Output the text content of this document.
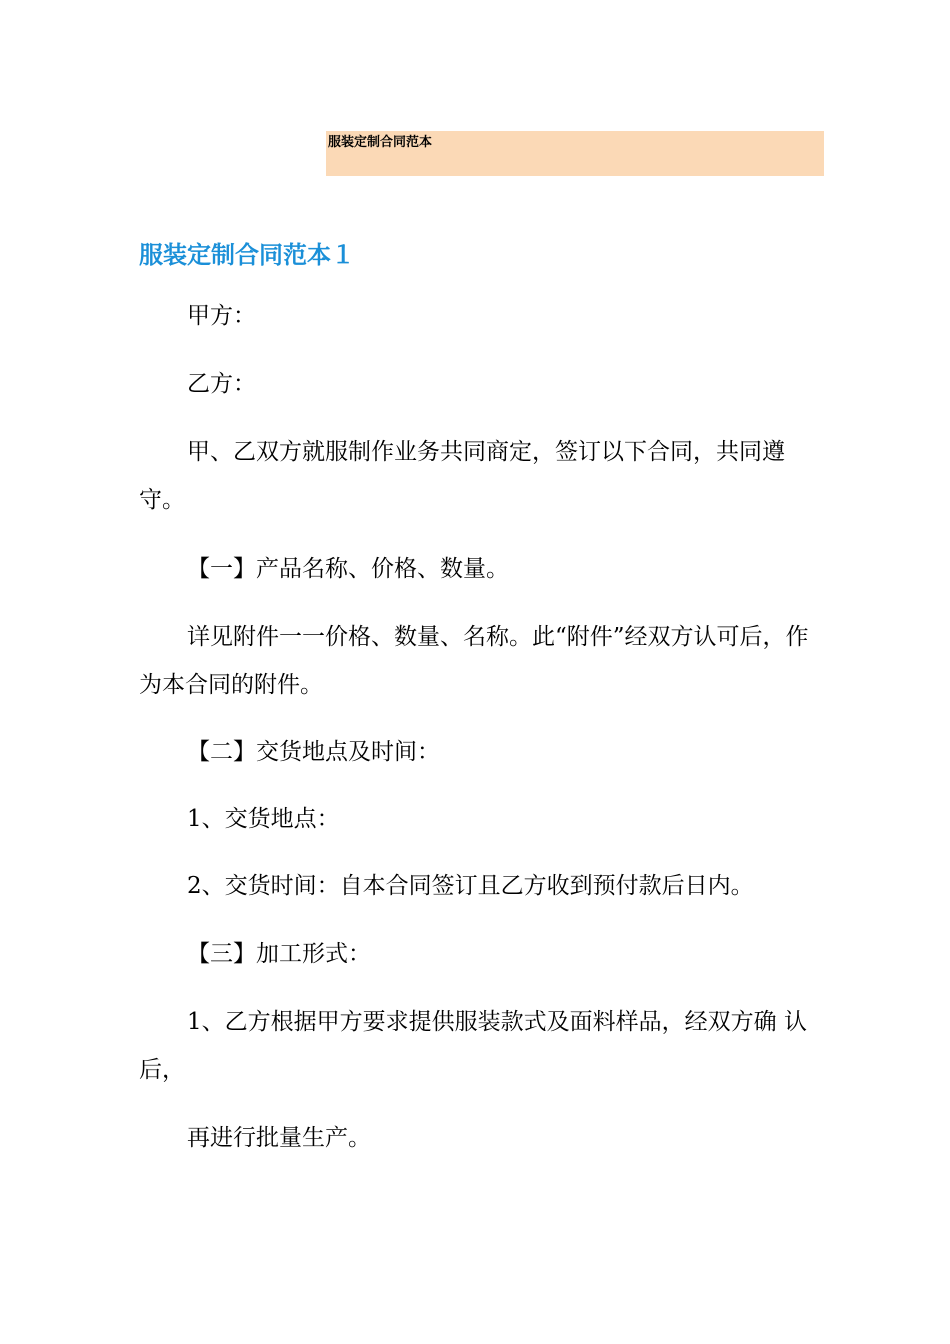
服装定制合同范本
服装定制合同范本１

甲方：

乙方：

甲、乙双方就服制作业务共同商定，签订以下合同，共同遵守。

【一】产品名称、价格、数量。

详见附件一一价格、数量、名称。此“附件”经双方认可后，作为本合同的附件。

【二】交货地点及时间：

1、交货地点：

2、交货时间：自本合同签订且乙方收到预付款后日内。

【三】加工形式：

1、乙方根据甲方要求提供服装款式及面料样品，经双方确 认后，

再进行批量生产。
